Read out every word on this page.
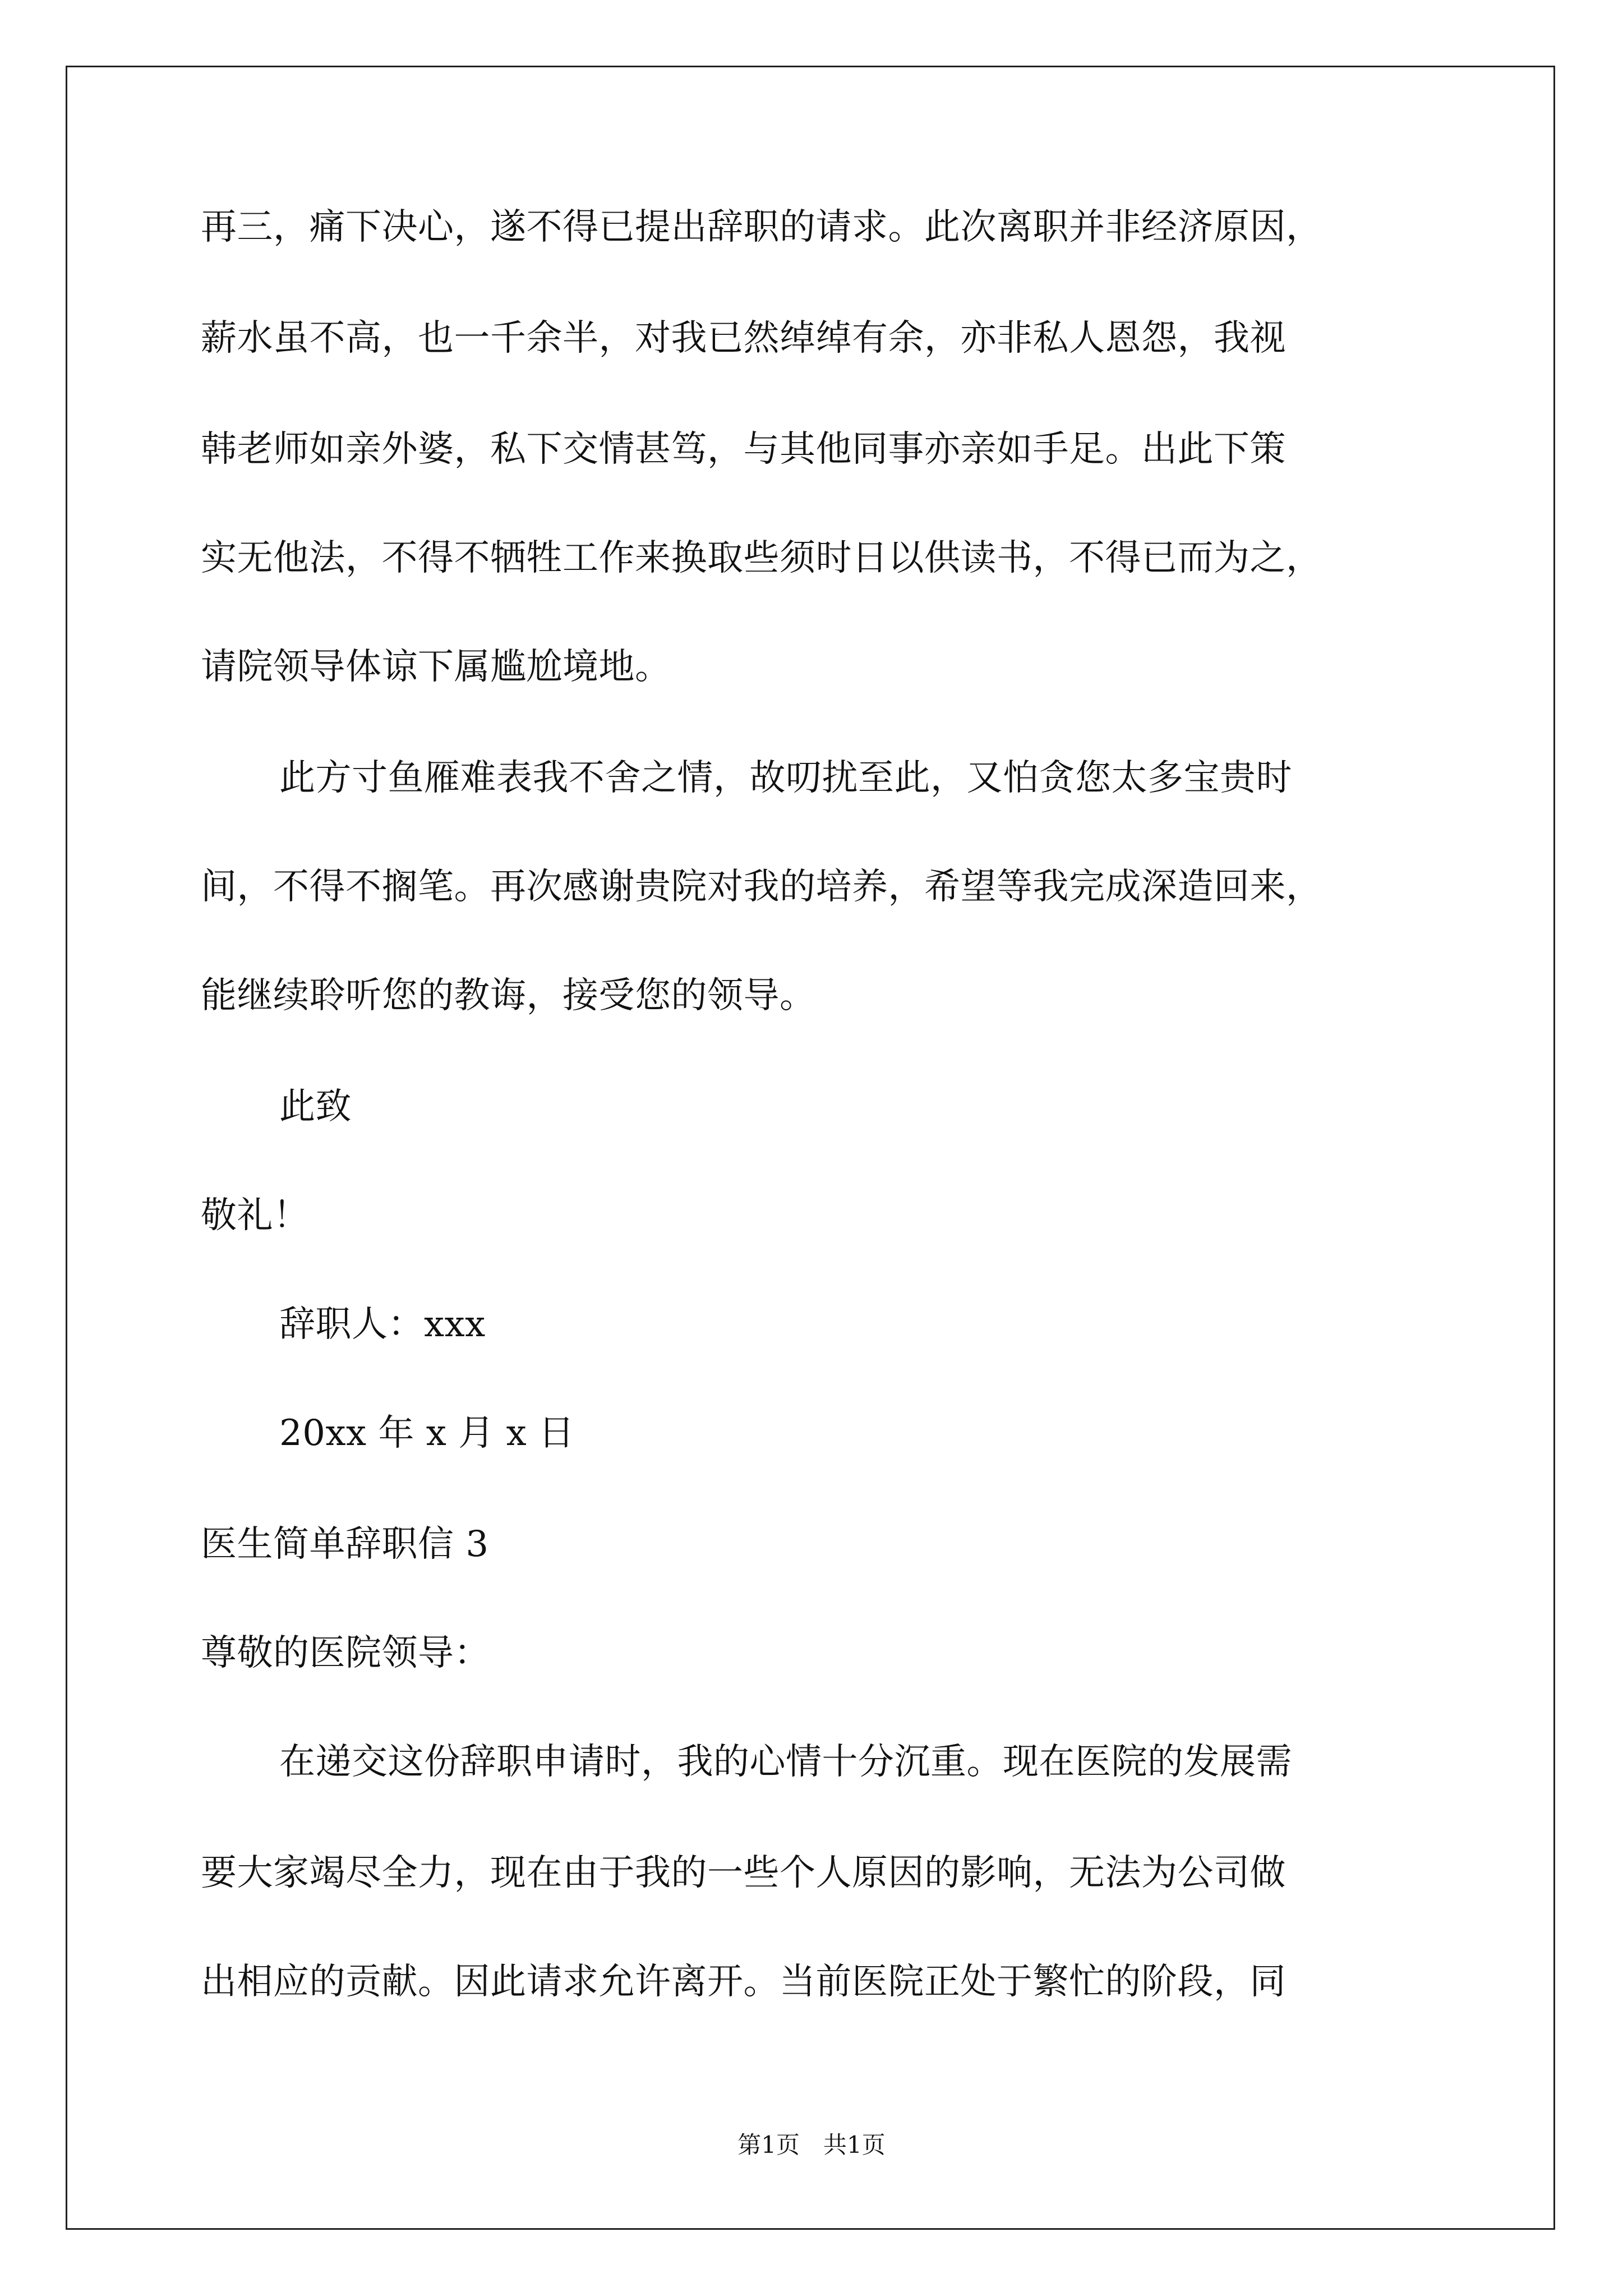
再三，痛下决心，遂不得已提出辞职的请求。此次离职并非经济原因，
薪水虽不高，也一千余半，对我已然绰绰有余，亦非私人恩怨，我视
韩老师如亲外婆，私下交情甚笃，与其他同事亦亲如手足。出此下策
实无他法，不得不牺牲工作来换取些须时日以供读书，不得已而为之，
请院领导体谅下属尴尬境地。
此方寸鱼雁难表我不舍之情，故叨扰至此，又怕贪您太多宝贵时
间，不得不搁笔。再次感谢贵院对我的培养，希望等我完成深造回来，
能继续聆听您的教诲，接受您的领导。
此致
敬礼！
辞职人：xxx
20xx 年 x 月 x 日
医生简单辞职信 3
尊敬的医院领导：
在递交这份辞职申请时，我的心情十分沉重。现在医院的发展需
要大家竭尽全力，现在由于我的一些个人原因的影响，无法为公司做
出相应的贡献。因此请求允许离开。当前医院正处于繁忙的阶段，同
第1页　共1页
